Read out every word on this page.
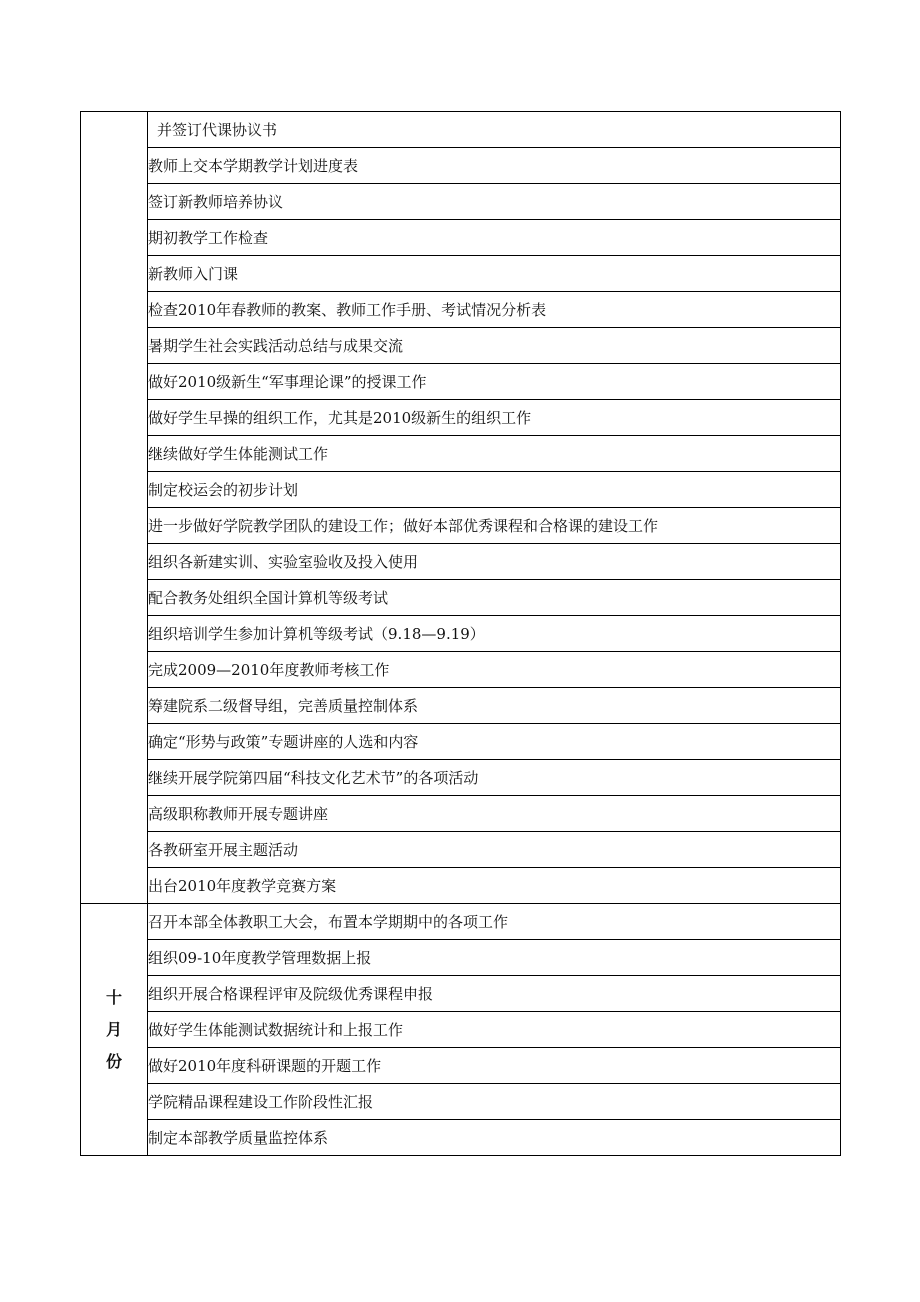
	并签订代课协议书
	教师上交本学期教学计划进度表
	签订新教师培养协议
	期初教学工作检查
	新教师入门课
	检查2010年春教师的教案、教师工作手册、考试情况分析表
	暑期学生社会实践活动总结与成果交流
	做好2010级新生“军事理论课”的授课工作
	做好学生早操的组织工作，尤其是2010级新生的组织工作
	继续做好学生体能测试工作
	制定校运会的初步计划
	进一步做好学院教学团队的建设工作；做好本部优秀课程和合格课的建设工作
	组织各新建实训、实验室验收及投入使用
	配合教务处组织全国计算机等级考试
	组织培训学生参加计算机等级考试（9.18—9.19）
	完成2009—2010年度教师考核工作
	筹建院系二级督导组，完善质量控制体系
	确定“形势与政策”专题讲座的人选和内容
	继续开展学院第四届“科技文化艺术节”的各项活动
	高级职称教师开展专题讲座
	各教研室开展主题活动
	出台2010年度教学竞赛方案
十月份	召开本部全体教职工大会，布置本学期期中的各项工作
	组织09-10年度教学管理数据上报
	组织开展合格课程评审及院级优秀课程申报
	做好学生体能测试数据统计和上报工作
	做好2010年度科研课题的开题工作
	学院精品课程建设工作阶段性汇报
	制定本部教学质量监控体系
